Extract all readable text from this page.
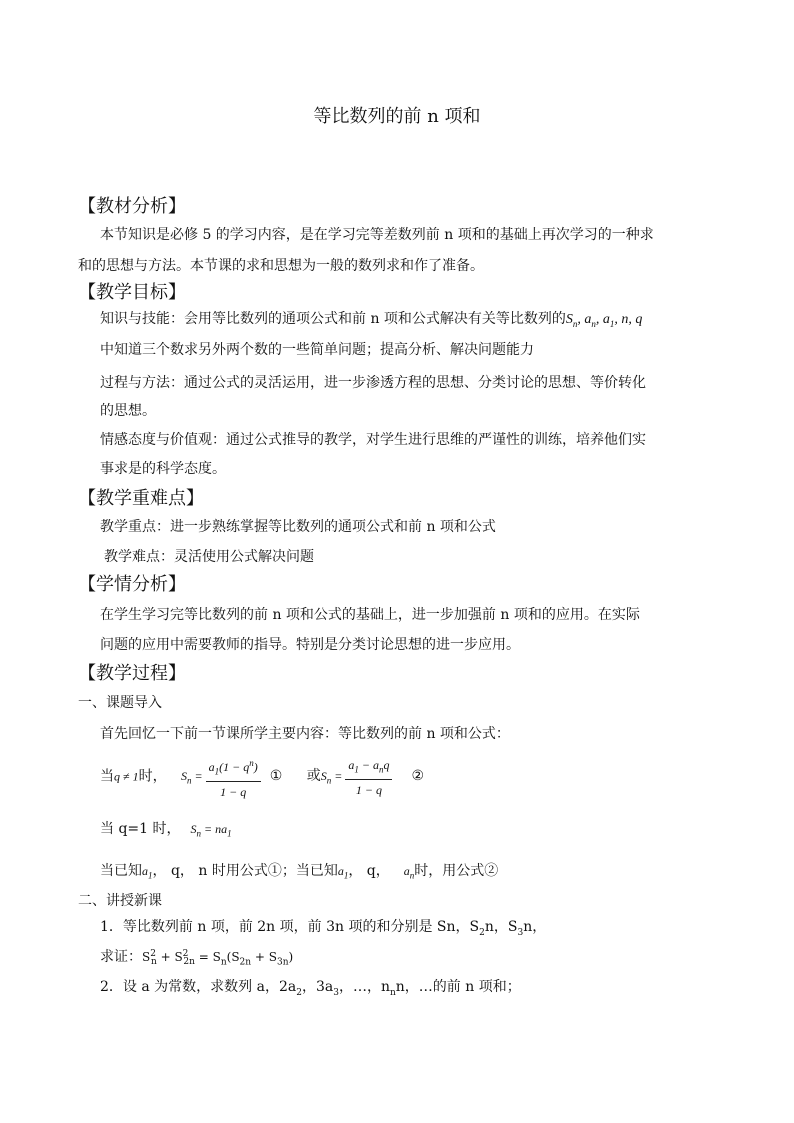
等比数列的前 n 项和
【教材分析】
本节知识是必修 5 的学习内容，是在学习完等差数列前 n 项和的基础上再次学习的一种求
和的思想与方法。本节课的求和思想为一般的数列求和作了准备。
【教学目标】
知识与技能：会用等比数列的通项公式和前 n 项和公式解决有关等比数列的$S_n$, $a_n$, $a_1$, n, q
中知道三个数求另外两个数的一些简单问题；提高分析、解决问题能力
过程与方法：通过公式的灵活运用，进一步渗透方程的思想、分类讨论的思想、等价转化
的思想。
情感态度与价值观：通过公式推导的教学，对学生进行思维的严谨性的训练，培养他们实
事求是的科学态度。
【教学重难点】
教学重点：进一步熟练掌握等比数列的通项公式和前 n 项和公式
教学难点：灵活使用公式解决问题
【学情分析】
在学生学习完等比数列的前 n 项和公式的基础上，进一步加强前 n 项和的应用。在实际
问题的应用中需要教师的指导。特别是分类讨论思想的进一步应用。
【教学过程】
一、课题导入
首先回忆一下前一节课所学主要内容：等比数列的前 n 项和公式：
当q ≠ 1时， $S_n = \frac{a_1(1 - q^n)}{1 - q}$ ① 或$S_n = \frac{a_1 - a_nq}{1 - q}$ ②
当 q=1 时， $S_n = na_1$
当已知$a_1$， q， n 时用公式①；当已知$a_1$， q， $a_n$时，用公式②
二、讲授新课
1．等比数列前 n 项，前 2n 项，前 3n 项的和分别是 Sn，$S_2n$，$S_3n$，
求证：$S^2_n + S^2_{2n} = S_n(S_{2n} + S_{3n})$
2．设 a 为常数，求数列 a，$2a_2$，$3a_3$，…，$n_nn$，…的前 n 项和；
